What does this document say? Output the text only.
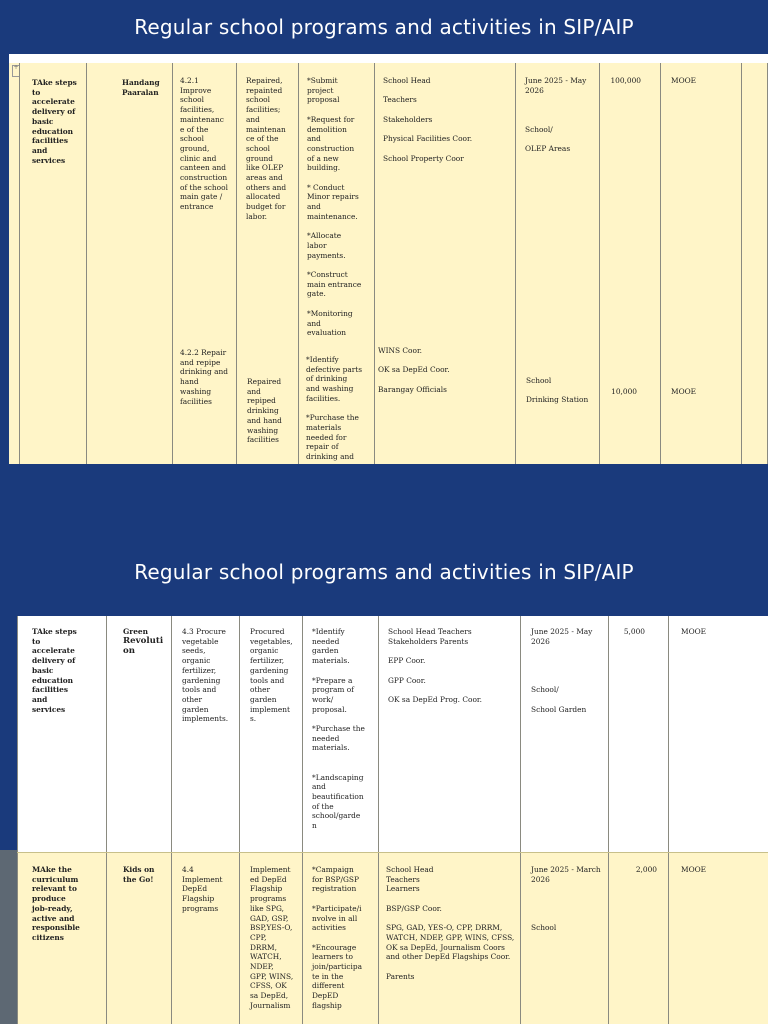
Regular school programs and activities in SIP/AIP
+
TAke steps
to
accelerate
delivery of
basic
education
facilities
and
services
Handang
Paaralan
4.2.1
Improve
school
facilities,
maintenanc
e of the
school
ground,
clinic and
canteen and
construction
of the school
main gate /
entrance
4.2.2 Repair
and repipe
drinking and
hand
washing
facilities
Repaired,
repainted
school
facilities;
and
maintenan
ce of the
school
ground
like OLEP
areas and
others and
allocated
budget for
labor.
Repaired
and
repiped
drinking
and hand
washing
facilities
*Submit
project
proposal

*Request for
demolition
and
construction
of a new
building.

* Conduct
Minor repairs
and
maintenance.

*Allocate
labor
payments.

*Construct
main entrance
gate.

*Monitoring
and
evaluation
*Identify
defective parts
of drinking
and washing
facilities.

*Purchase the
materials
needed for
repair of
drinking and
School Head

Teachers

Stakeholders

Physical Facilities Coor.

School Property Coor
WINS Coor.

OK sa DepEd Coor.

Barangay Officials
June 2025 - May
2026

School/

OLEP Areas
School

Drinking Station
100,000
10,000
MOOE
MOOE
Regular school programs and activities in SIP/AIP
TAke steps
to
accelerate
delivery of
basic
education
facilities
and
services
Green
Revoluti
on
4.3 Procure
vegetable
seeds,
organic
fertilizer,
gardening
tools and
other
garden
implements.
Procured
vegetables,
organic
fertilizer,
gardening
tools and
other
garden
implement
s.
*Identify
needed
garden
materials.

*Prepare a
program of
work/
proposal.

*Purchase the
needed
materials.

*Landscaping
and
beautification
of the
school/garde
n
School Head Teachers
Stakeholders Parents

EPP Coor.

GPP Coor.

OK sa DepEd Prog. Coor.
June 2025 - May
2026

School/

School Garden
5,000	MOOE
MAke the
curriculum
relevant to
produce
job-ready,
active and
responsible
citizens
Kids on
the Go!
4.4
Implement
DepEd
Flagship
programs
Implement
ed DepEd
Flagship
programs
like SPG,
GAD, GSP,
BSP,YES-O,
CPP,
DRRM,
WATCH,
NDEP,
GPP, WINS,
CFSS, OK
sa DepEd,
Journalism
*Campaign
for BSP/GSP
registration

*Participate/i
nvolve in all
activities

*Encourage
learners to
join/participa
te in the
different
DepED
flagship
School Head
Teachers
Learners

BSP/GSP Coor.

SPG, GAD, YES-O, CPP, DRRM,
WATCH, NDEP, GPP, WINS, CFSS,
OK sa DepEd, Journalism Coors
and other DepEd Flagships Coor.

Parents
June 2025 - March
2026

School
2,000	MOOE
